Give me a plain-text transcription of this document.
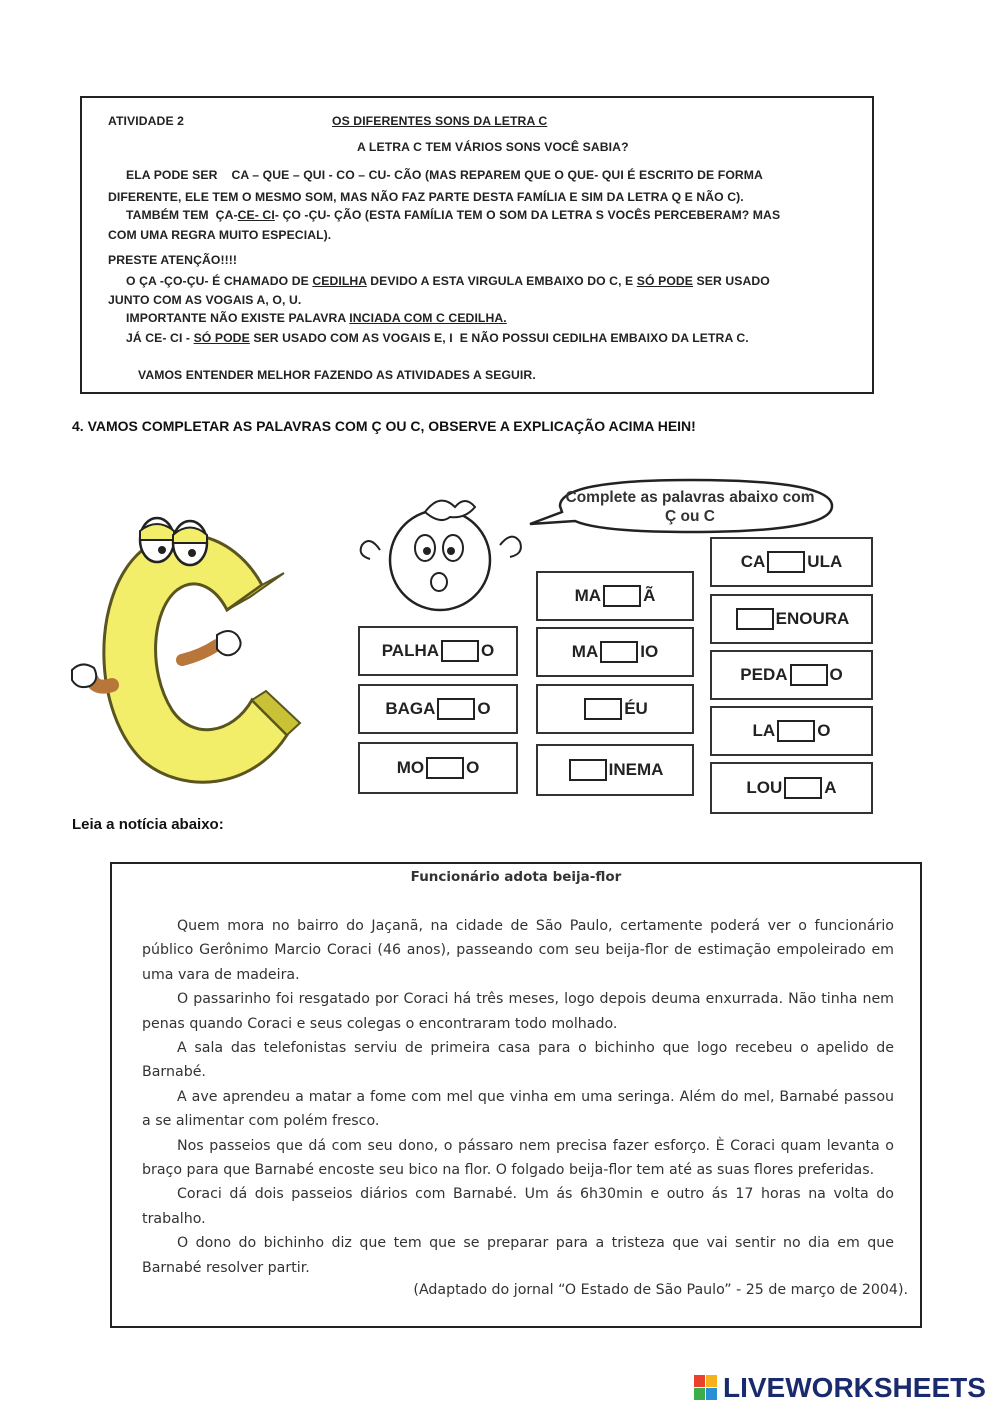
ATIVIDADE 2	OS DIFERENTES SONS DA LETRA C
A LETRA C TEM VÁRIOS SONS VOCÊ SABIA?
ELA PODE SER CA – QUE – QUI - CO – CU- CÃO (MAS REPAREM QUE O QUE- QUI É ESCRITO DE FORMA
DIFERENTE, ELE TEM O MESMO SOM, MAS NÃO FAZ PARTE DESTA FAMÍLIA E SIM DA LETRA Q E NÃO C).
TAMBÉM TEM ÇA-CE- CI- ÇO -ÇU- ÇÃO (ESTA FAMÍLIA TEM O SOM DA LETRA S VOCÊS PERCEBERAM? MAS
COM UMA REGRA MUITO ESPECIAL).
PRESTE ATENÇÃO!!!!
O ÇA -ÇO-ÇU- É CHAMADO DE CEDILHA DEVIDO A ESTA VIRGULA EMBAIXO DO C, E SÓ PODE SER USADO
JUNTO COM AS VOGAIS A, O, U.
IMPORTANTE NÃO EXISTE PALAVRA INCIADA COM C CEDILHA.
JÁ CE- CI - SÓ PODE SER USADO COM AS VOGAIS E, I E NÃO POSSUI CEDILHA EMBAIXO DA LETRA C.
VAMOS ENTENDER MELHOR FAZENDO AS ATIVIDADES A SEGUIR.
4. VAMOS COMPLETAR AS PALAVRAS COM Ç OU C, OBSERVE A EXPLICAÇÃO ACIMA HEIN!
Complete as palavras abaixo com Ç ou C
PALHA O
BAGA O
MO O
MA Ã
MA IO
ÉU
INEMA
CA ULA
ENOURA
PEDA O
LA O
LOU A
Leia a notícia abaixo:
Funcionário adota beija-flor

Quem mora no bairro do Jaçanã, na cidade de São Paulo, certamente poderá ver o funcionário público Gerônimo Marcio Coraci (46 anos), passeando com seu beija-flor de estimação empoleirado em uma vara de madeira.

O passarinho foi resgatado por Coraci há três meses, logo depois deuma enxurrada. Não tinha nem penas quando Coraci e seus colegas o encontraram todo molhado.

A sala das telefonistas serviu de primeira casa para o bichinho que logo recebeu o apelido de Barnabé.

A ave aprendeu a matar a fome com mel que vinha em uma seringa. Além do mel, Barnabé passou a se alimentar com polém fresco.

Nos passeios que dá com seu dono, o pássaro nem precisa fazer esforço. È Coraci quam levanta o braço para que Barnabé encoste seu bico na flor. O folgado beija-flor tem até as suas flores preferidas.

Coraci dá dois passeios diários com Barnabé. Um ás 6h30min e outro ás 17 horas na volta do trabalho.

O dono do bichinho diz que tem que se preparar para a tristeza que vai sentir no dia em que Barnabé resolver partir.

(Adaptado do jornal “O Estado de São Paulo” - 25 de março de 2004).
LIVEWORKSHEETS
